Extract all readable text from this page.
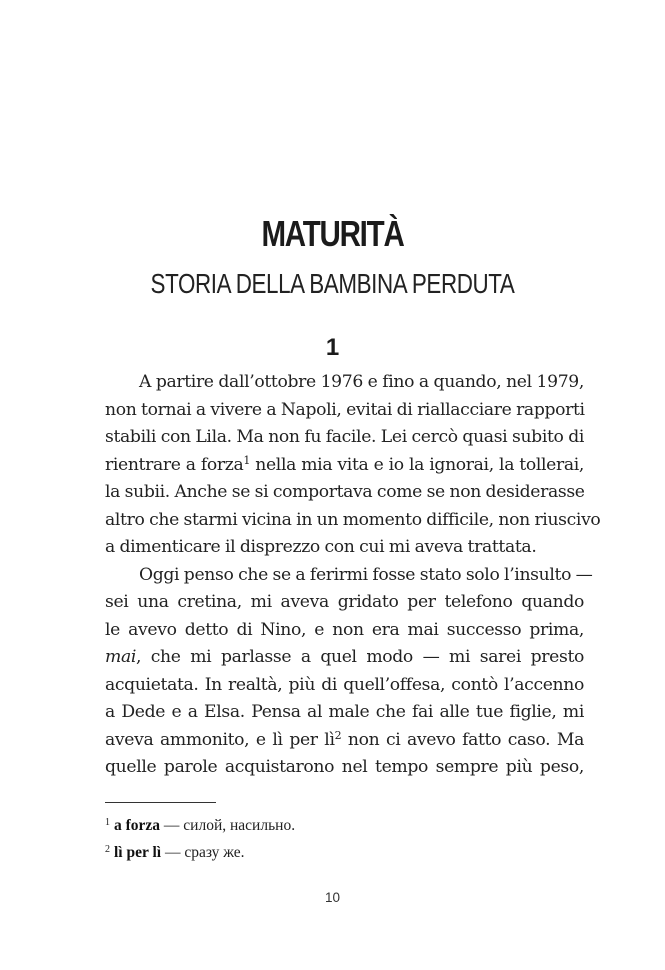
MATURITÀ
STORIA DELLA BAMBINA PERDUTA
1
A partire dall’ottobre 1976 e fino a quando, nel 1979,
non tornai a vivere a Napoli, evitai di riallacciare rapporti
stabili con Lila. Ma non fu facile. Lei cercò quasi subito di
rientrare a forza$^1$ nella mia vita e io la ignorai, la tollerai,
la subii. Anche se si comportava come se non desiderasse
altro che starmi vicina in un momento difficile, non riuscivo
a dimenticare il disprezzo con cui mi aveva trattata.
Oggi penso che se a ferirmi fosse stato solo l’insulto —
sei una cretina, mi aveva gridato per telefono quando
le avevo detto di Nino, e non era mai successo prima,
mai, che mi parlasse a quel modo — mi sarei presto
acquietata. In realtà, più di quell’offesa, contò l’accenno
a Dede e a Elsa. Pensa al male che fai alle tue figlie, mi
aveva ammonito, e lì per lì$^2$ non ci avevo fatto caso. Ma
quelle parole acquistarono nel tempo sempre più peso,
$^1$ a forza — силой, насильно.
$^2$ lì per lì — сразу же.
10
